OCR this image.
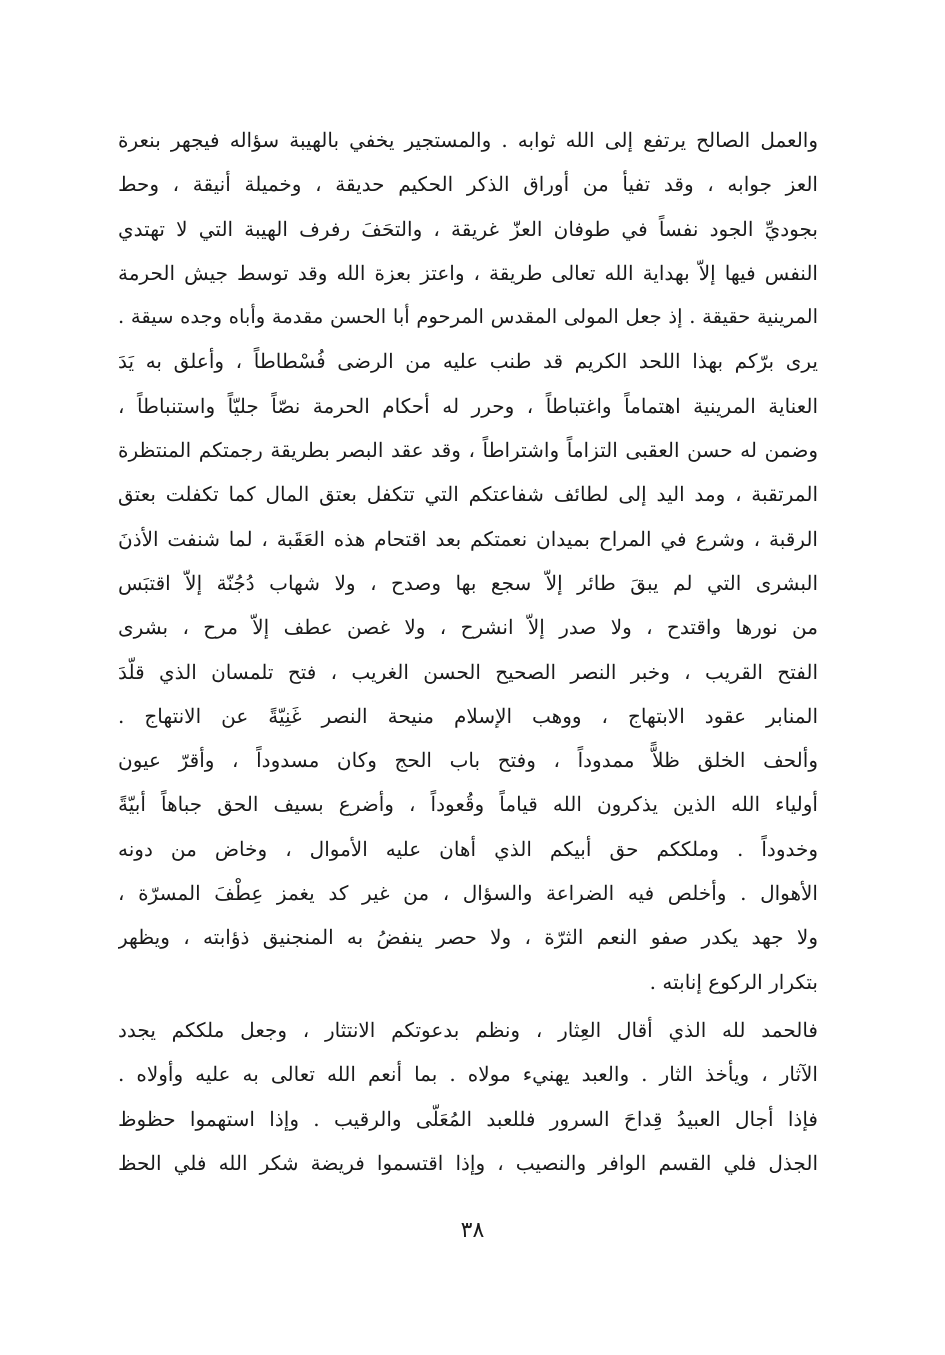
والعمل الصالح يرتفع إلى الله ثوابه . والمستجير يخفي بالهيبة سؤاله فيجهر بنعرة
العز جوابه ، وقد تفيأ من أوراق الذكر الحكيم حديقة ، وخميلة أنيقة ، وحط
بجوديِّ الجود نفساً في طوفان العزّ غريقة ، والتحَفَ رفرف الهيبة التي لا تهتدي
النفس فيها إلاّ بهداية الله تعالى طريقة ، واعتز بعزة الله وقد توسط جيش الحرمة
المرينية حقيقة . إذ جعل المولى المقدس المرحوم أبا الحسن مقدمة وأباه وجده سيقة .
يرى برّكم بهذا اللحد الكريم قد طنب عليه من الرضى فُسْطاطاً ، وأعلق به يَدَ
العناية المرينية اهتماماً واغتباطاً ، وحرر له أحكام الحرمة نصّاً جليّاً واستنباطاً ،
وضمن له حسن العقبى التزاماً واشتراطاً ، وقد عقد البصر بطريقة رجمتكم المنتظرة
المرتقبة ، ومد اليد إلى لطائف شفاعتكم التي تتكفل بعتق المال كما تكفلت بعتق
الرقبة ، وشرع في المراح بميدان نعمتكم بعد اقتحام هذه العَقَبة ، لما شنفت الأذنَ
البشرى التي لم يبقَ طائر إلاّ سجع بها وصدح ، ولا شهاب دُجُنّة إلاّ اقتبَس
من نورها واقتدح ، ولا صدر إلاّ انشرح ، ولا غصن عطف إلاّ مرح ، بشرى
الفتح القريب ، وخبر النصر الصحيح الحسن الغريب ، فتح تلمسان الذي قلّدَ
المنابر عقود الابتهاج ، ووهب الإسلام منيحة النصر غَنِيّةً عن الانتهاج .
وألحف الخلق ظلاًّ ممدوداً ، وفتح باب الحج وكان مسدوداً ، وأقرّ عيون
أولياء الله الذين يذكرون الله قياماً وقُعوداً ، وأضرع بسيف الحق جباهاً أبيّةً
وخدوداً . وملككم حق أبيكم الذي أهان عليه الأموال ، وخاض من دونه
الأهوال . وأخلص فيه الضراعة والسؤال ، من غير كد يغمز عِطْفَ المسرّة ،
ولا جهد يكدر صفو النعم الثرّة ، ولا حصر ينفضُ به المنجنيق ذؤابته ، ويظهر
بتكرار الركوع إنابته .
فالحمد لله الذي أقال العِثار ، ونظم بدعوتكم الانتثار ، وجعل ملككم يجدد
الآثار ، ويأخذ الثار . والعبد يهنيء مولاه . بما أنعم الله تعالى به عليه وأولاه .
فإذا أجال العبيدُ قِداحَ السرور فللعبد المُعَلّى والرقيب . وإذا استهموا حظوظ
الجذل فلي القسم الوافر والنصيب ، وإذا اقتسموا فريضة شكر الله فلي الحظ
٣٨
